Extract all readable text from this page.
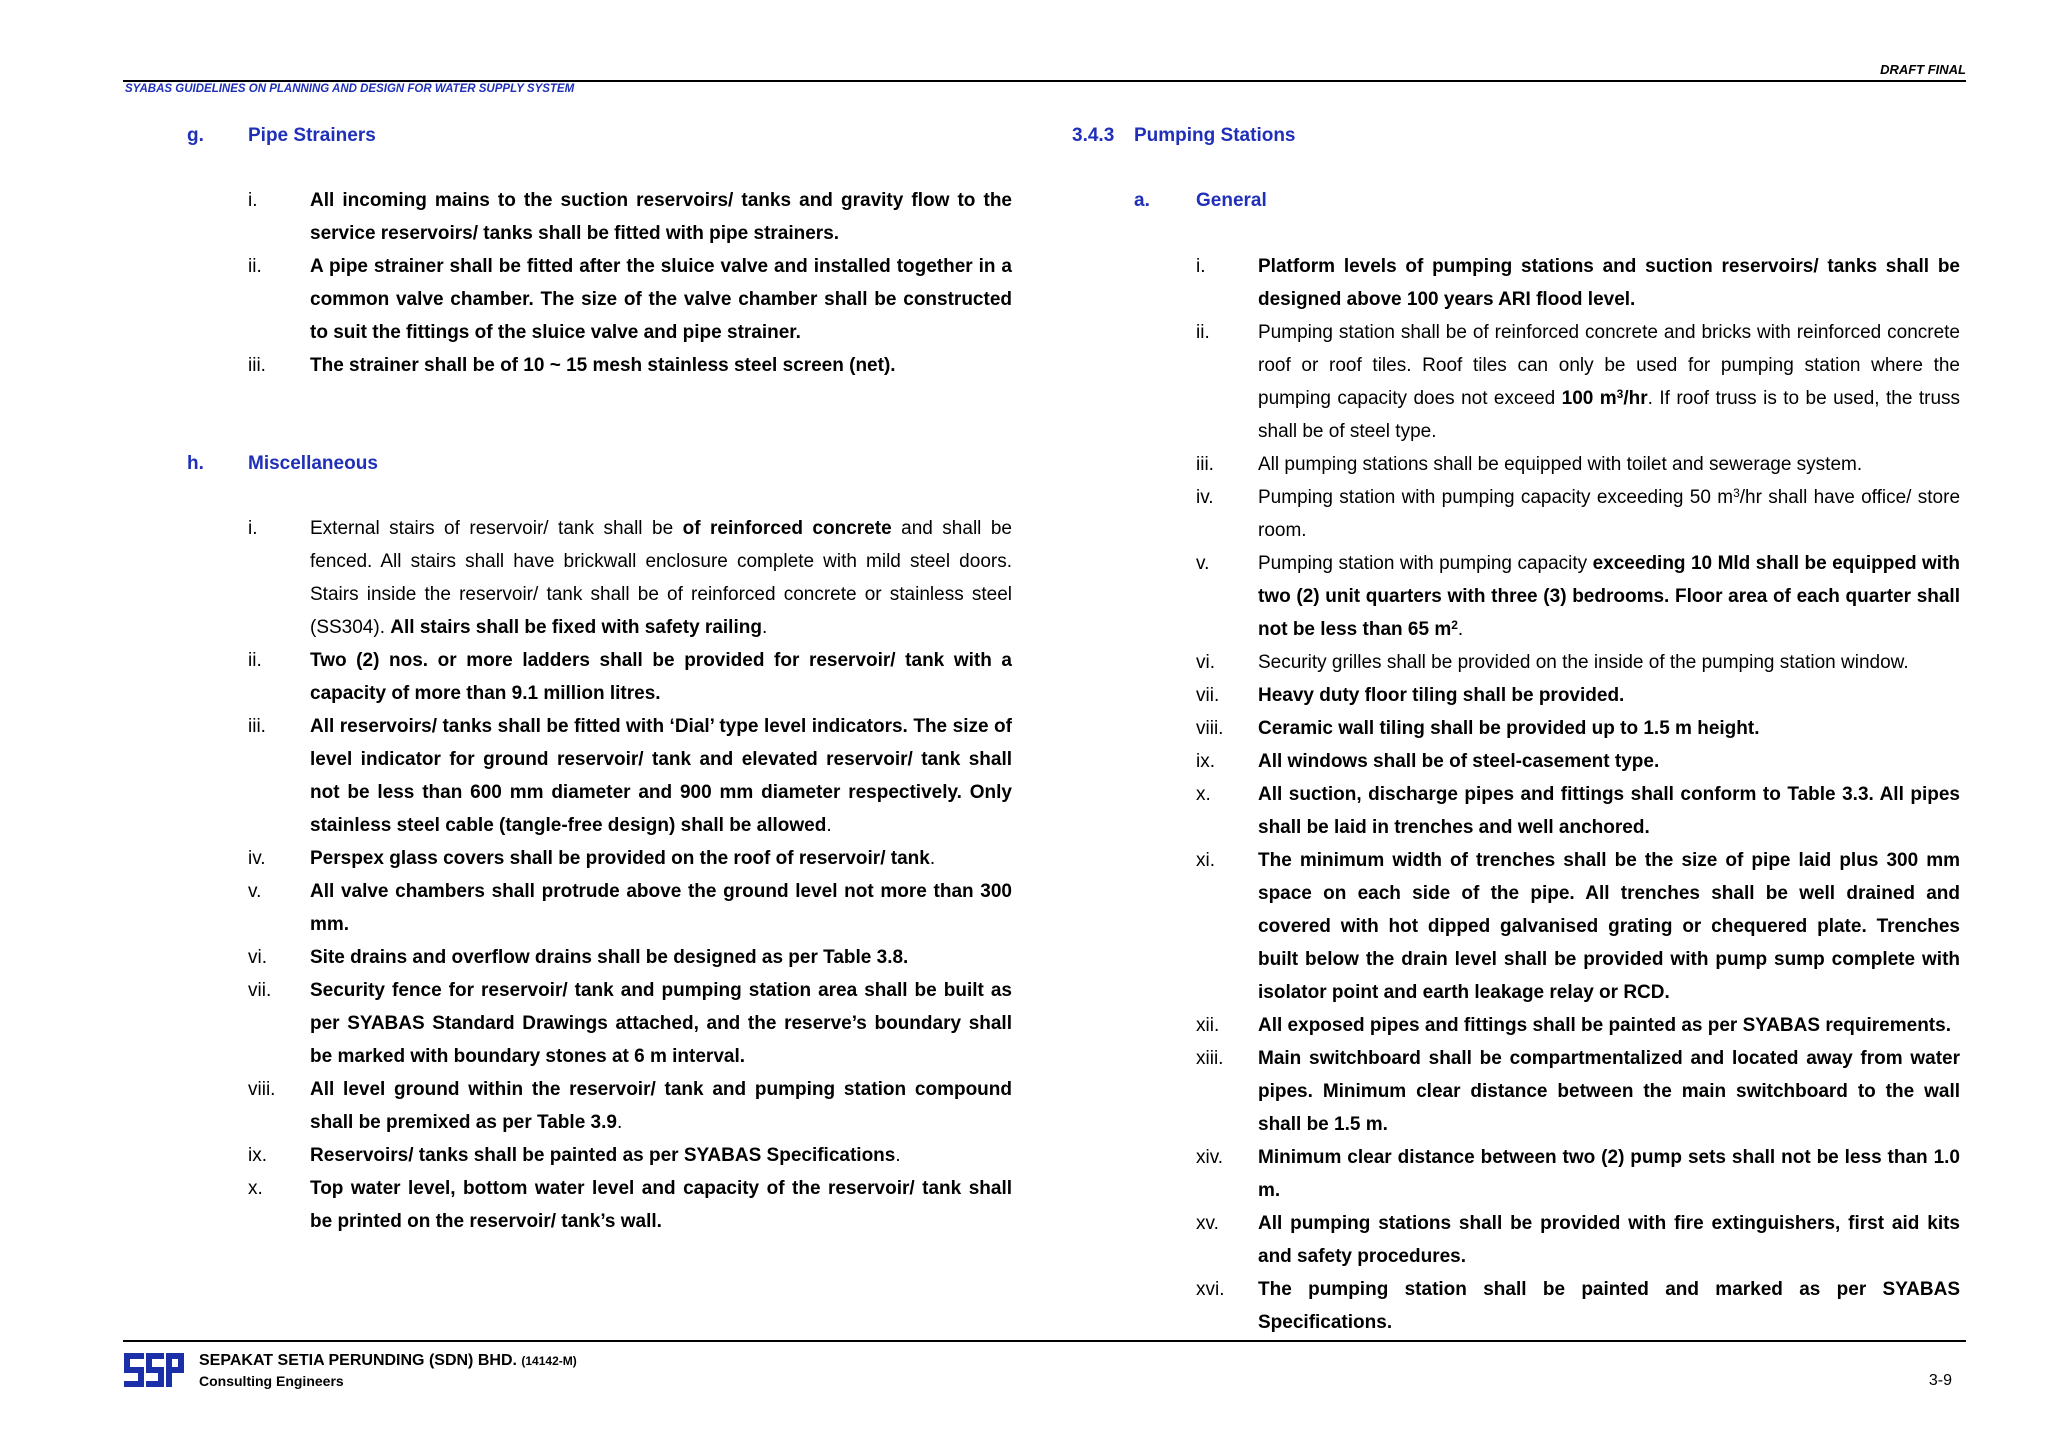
DRAFT FINAL
SYABAS GUIDELINES ON PLANNING AND DESIGN FOR WATER SUPPLY SYSTEM
g. Pipe Strainers
i.	All incoming mains to the suction reservoirs/ tanks and gravity flow to the service reservoirs/ tanks shall be fitted with pipe strainers.
ii.	A pipe strainer shall be fitted after the sluice valve and installed together in a common valve chamber. The size of the valve chamber shall be constructed to suit the fittings of the sluice valve and pipe strainer.
iii.	The strainer shall be of 10 ~ 15 mesh stainless steel screen (net).
h. Miscellaneous
i.	External stairs of reservoir/ tank shall be of reinforced concrete and shall be fenced. All stairs shall have brickwall enclosure complete with mild steel doors. Stairs inside the reservoir/ tank shall be of reinforced concrete or stainless steel (SS304). All stairs shall be fixed with safety railing.
ii.	Two (2) nos. or more ladders shall be provided for reservoir/ tank with a capacity of more than 9.1 million litres.
iii.	All reservoirs/ tanks shall be fitted with ‘Dial’ type level indicators. The size of level indicator for ground reservoir/ tank and elevated reservoir/ tank shall not be less than 600 mm diameter and 900 mm diameter respectively. Only stainless steel cable (tangle-free design) shall be allowed.
iv.	Perspex glass covers shall be provided on the roof of reservoir/ tank.
v.	All valve chambers shall protrude above the ground level not more than 300 mm.
vi.	Site drains and overflow drains shall be designed as per Table 3.8.
vii.	Security fence for reservoir/ tank and pumping station area shall be built as per SYABAS Standard Drawings attached, and the reserve’s boundary shall be marked with boundary stones at 6 m interval.
viii.	All level ground within the reservoir/ tank and pumping station compound shall be premixed as per Table 3.9.
ix.	Reservoirs/ tanks shall be painted as per SYABAS Specifications.
x.	Top water level, bottom water level and capacity of the reservoir/ tank shall be printed on the reservoir/ tank’s wall.
3.4.3 Pumping Stations
a. General
i.	Platform levels of pumping stations and suction reservoirs/ tanks shall be designed above 100 years ARI flood level.
ii.	Pumping station shall be of reinforced concrete and bricks with reinforced concrete roof or roof tiles. Roof tiles can only be used for pumping station where the pumping capacity does not exceed 100 $m^3/hr$. If roof truss is to be used, the truss shall be of steel type.
iii.	All pumping stations shall be equipped with toilet and sewerage system.
iv.	Pumping station with pumping capacity exceeding 50 $m^3/hr$ shall have office/ store room.
v.	Pumping station with pumping capacity exceeding 10 Mld shall be equipped with two (2) unit quarters with three (3) bedrooms. Floor area of each quarter shall not be less than 65 $m^2$.
vi.	Security grilles shall be provided on the inside of the pumping station window.
vii.	Heavy duty floor tiling shall be provided.
viii.	Ceramic wall tiling shall be provided up to 1.5 m height.
ix.	All windows shall be of steel-casement type.
x.	All suction, discharge pipes and fittings shall conform to Table 3.3. All pipes shall be laid in trenches and well anchored.
xi.	The minimum width of trenches shall be the size of pipe laid plus 300 mm space on each side of the pipe. All trenches shall be well drained and covered with hot dipped galvanised grating or chequered plate. Trenches built below the drain level shall be provided with pump sump complete with isolator point and earth leakage relay or RCD.
xii.	All exposed pipes and fittings shall be painted as per SYABAS requirements.
xiii.	Main switchboard shall be compartmentalized and located away from water pipes. Minimum clear distance between the main switchboard to the wall shall be 1.5 m.
xiv.	Minimum clear distance between two (2) pump sets shall not be less than 1.0 m.
xv.	All pumping stations shall be provided with fire extinguishers, first aid kits and safety procedures.
xvi.	The pumping station shall be painted and marked as per SYABAS Specifications.
SEPAKAT SETIA PERUNDING (SDN) BHD. (14142-M)
Consulting Engineers	3-9
